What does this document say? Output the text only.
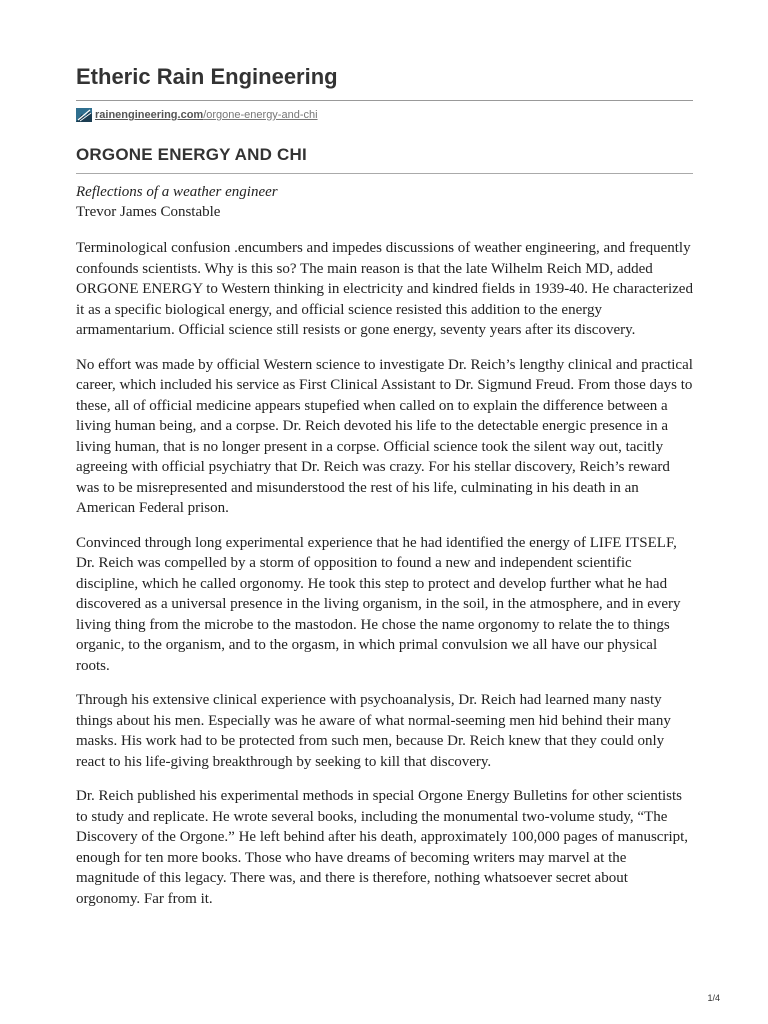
Etheric Rain Engineering
rainengineering.com /orgone-energy-and-chi
ORGONE ENERGY AND CHI
Reflections of a weather engineer
Trevor James Constable

Terminological confusion .encumbers and impedes discussions of weather engineering, and frequently confounds scientists. Why is this so? The main reason is that the late Wilhelm Reich MD, added ORGONE ENERGY to Western thinking in electricity and kindred fields in 1939-40. He characterized it as a specific biological energy, and official science resisted this addition to the energy armamentarium. Official science still resists or gone energy, seventy years after its discovery.

No effort was made by official Western science to investigate Dr. Reich’s lengthy clinical and practical career, which included his service as First Clinical Assistant to Dr. Sigmund Freud. From those days to these, all of official medicine appears stupefied when called on to explain the difference between a living human being, and a corpse. Dr. Reich devoted his life to the detectable energic presence in a living human, that is no longer present in a corpse. Official science took the silent way out, tacitly agreeing with official psychiatry that Dr. Reich was crazy. For his stellar discovery, Reich’s reward was to be misrepresented and misunderstood the rest of his life, culminating in his death in an American Federal prison.

Convinced through long experimental experience that he had identified the energy of LIFE ITSELF, Dr. Reich was compelled by a storm of opposition to found a new and independent scientific discipline, which he called orgonomy. He took this step to protect and develop further what he had discovered as a universal presence in the living organism, in the soil, in the atmosphere, and in every living thing from the microbe to the mastodon. He chose the name orgonomy to relate the to things organic, to the organism, and to the orgasm, in which primal convulsion we all have our physical roots.

Through his extensive clinical experience with psychoanalysis, Dr. Reich had learned many nasty things about his men. Especially was he aware of what normal-seeming men hid behind their many masks. His work had to be protected from such men, because Dr. Reich knew that they could only react to his life-giving breakthrough by seeking to kill that discovery.

Dr. Reich published his experimental methods in special Orgone Energy Bulletins for other scientists to study and replicate. He wrote several books, including the monumental two-volume study, “The Discovery of the Orgone.” He left behind after his death, approximately 100,000 pages of manuscript, enough for ten more books. Those who have dreams of becoming writers may marvel at the magnitude of this legacy. There was, and there is therefore, nothing whatsoever secret about orgonomy. Far from it.

1/4
